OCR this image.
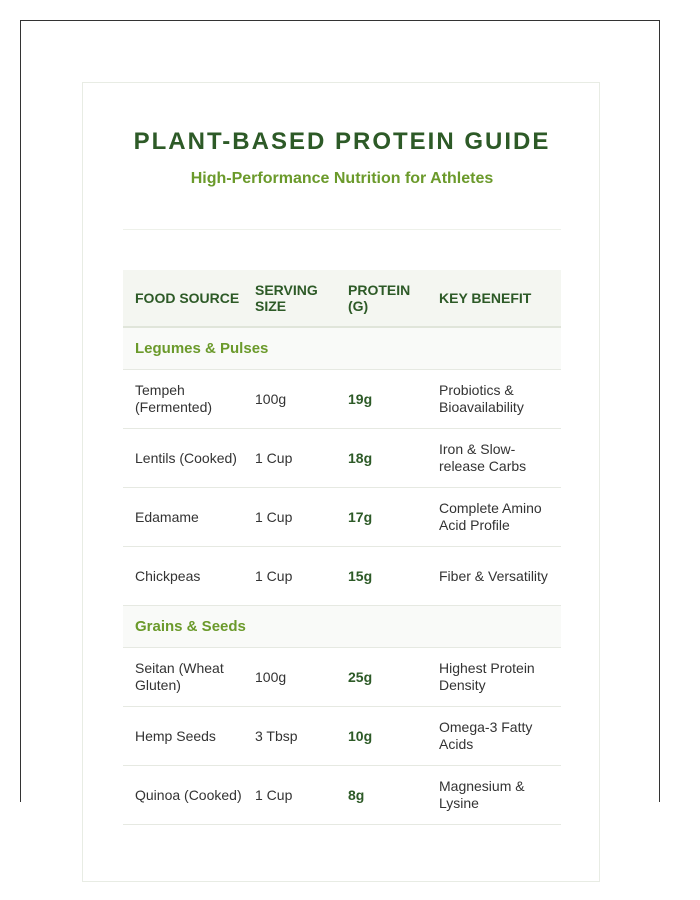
PLANT-BASED PROTEIN GUIDE

High-Performance Nutrition for Athletes

FOOD SOURCE	SERVING SIZE	PROTEIN (G)	KEY BENEFIT
Legumes & Pulses			
Tempeh (Fermented)	100g	19g	Probiotics & Bioavailability
Lentils (Cooked)	1 Cup	18g	Iron & Slow-release Carbs
Edamame	1 Cup	17g	Complete Amino Acid Profile
Chickpeas	1 Cup	15g	Fiber & Versatility
Grains & Seeds			
Seitan (Wheat Gluten)	100g	25g	Highest Protein Density
Hemp Seeds	3 Tbsp	10g	Omega-3 Fatty Acids
Quinoa (Cooked)	1 Cup	8g	Magnesium & Lysine
